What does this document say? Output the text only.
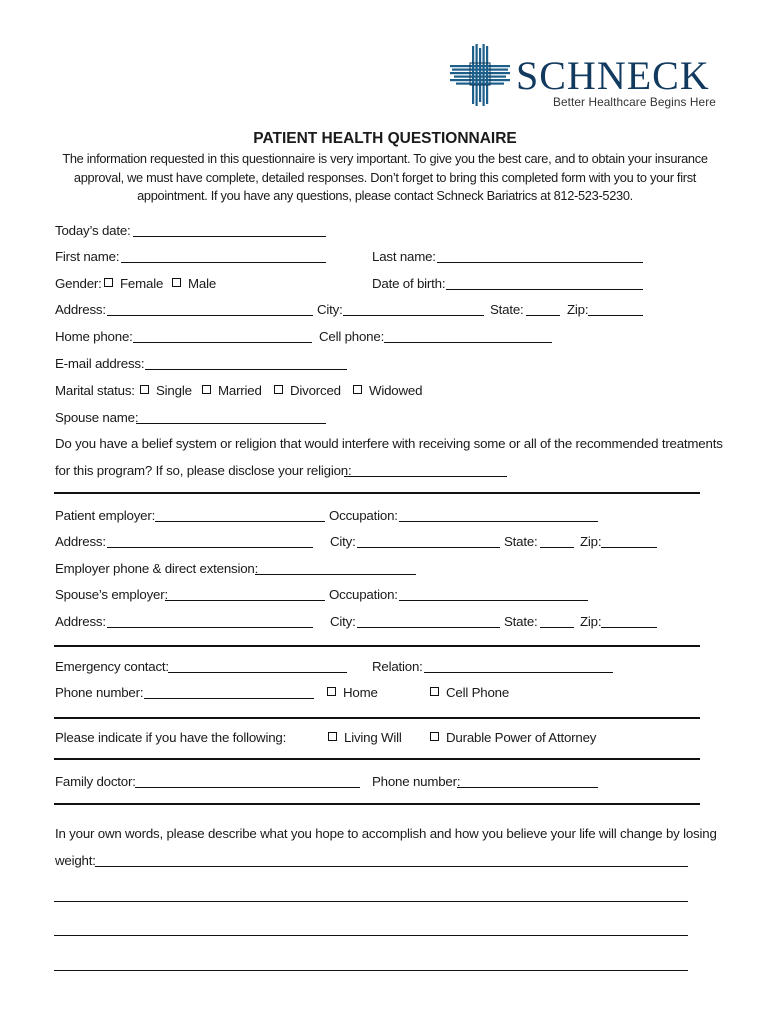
SCHNECK
Better Healthcare Begins Here
PATIENT HEALTH QUESTIONNAIRE
The information requested in this questionnaire is very important. To give you the best care, and to obtain your insurance approval, we must have complete, detailed responses. Don’t forget to bring this completed form with you to your first appointment. If you have any questions, please contact Schneck Bariatrics at 812-523-5230.
Today’s date:
First name:	Last name:
Gender: Female Male	Date of birth:
Address:	City:	State:	Zip:
Home phone:	Cell phone:
E-mail address:
Marital status: Single Married Divorced Widowed
Spouse name:
Do you have a belief system or religion that would interfere with receiving some or all of the recommended treatments
for this program? If so, please disclose your religion:
Patient employer:	Occupation:
Address:	City:	State:	Zip:
Employer phone & direct extension:
Spouse’s employer:	Occupation:
Address:	City:	State:	Zip:
Emergency contact:	Relation:
Phone number:	Home	Cell Phone
Please indicate if you have the following:	Living Will	Durable Power of Attorney
Family doctor:	Phone number:
In your own words, please describe what you hope to accomplish and how you believe your life will change by losing
weight:
